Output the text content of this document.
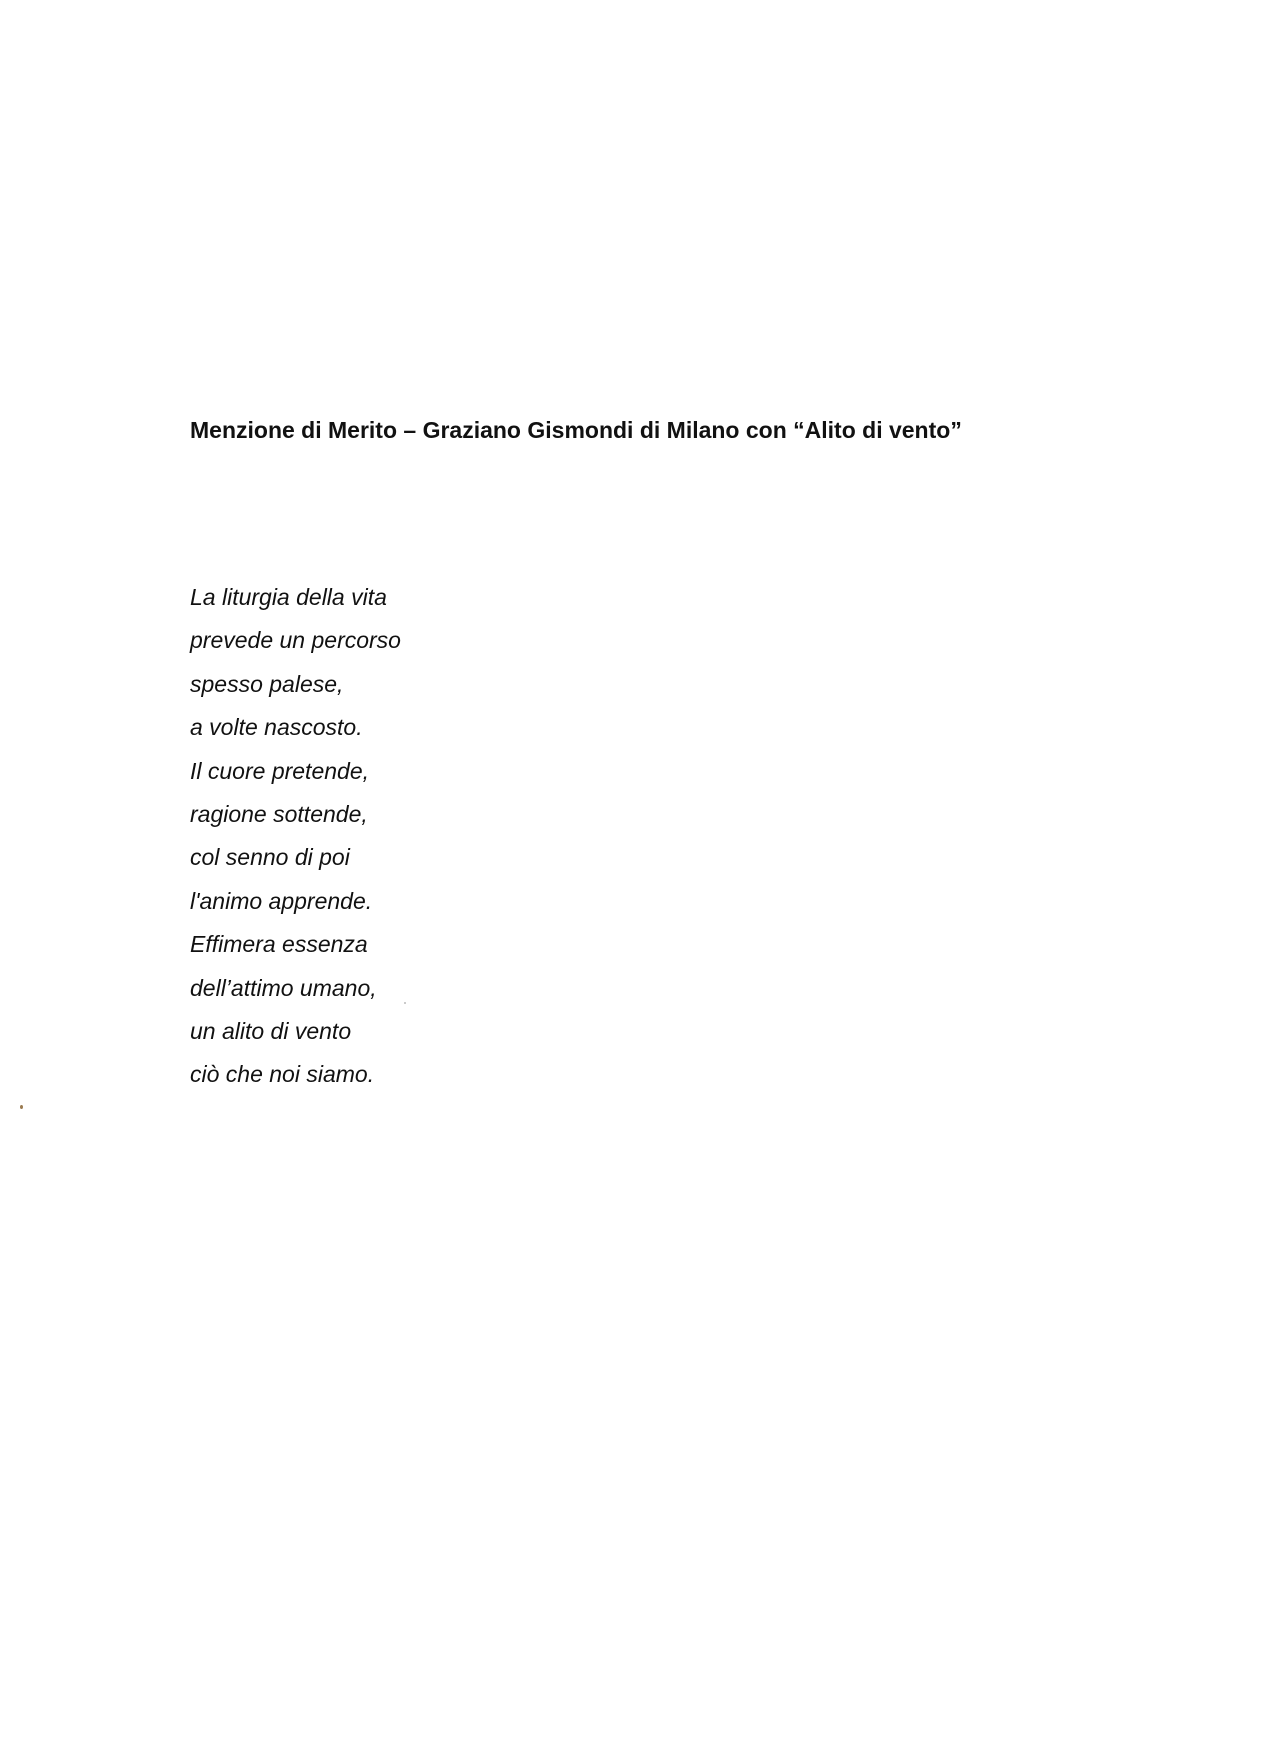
Menzione di Merito – Graziano Gismondi di Milano con “Alito di vento”
La liturgia della vita
prevede un percorso
spesso palese,
a volte nascosto.
Il cuore pretende,
ragione sottende,
col senno di poi
l'animo apprende.
Effimera essenza
dell’attimo umano,
un alito di vento
ciò che noi siamo.
